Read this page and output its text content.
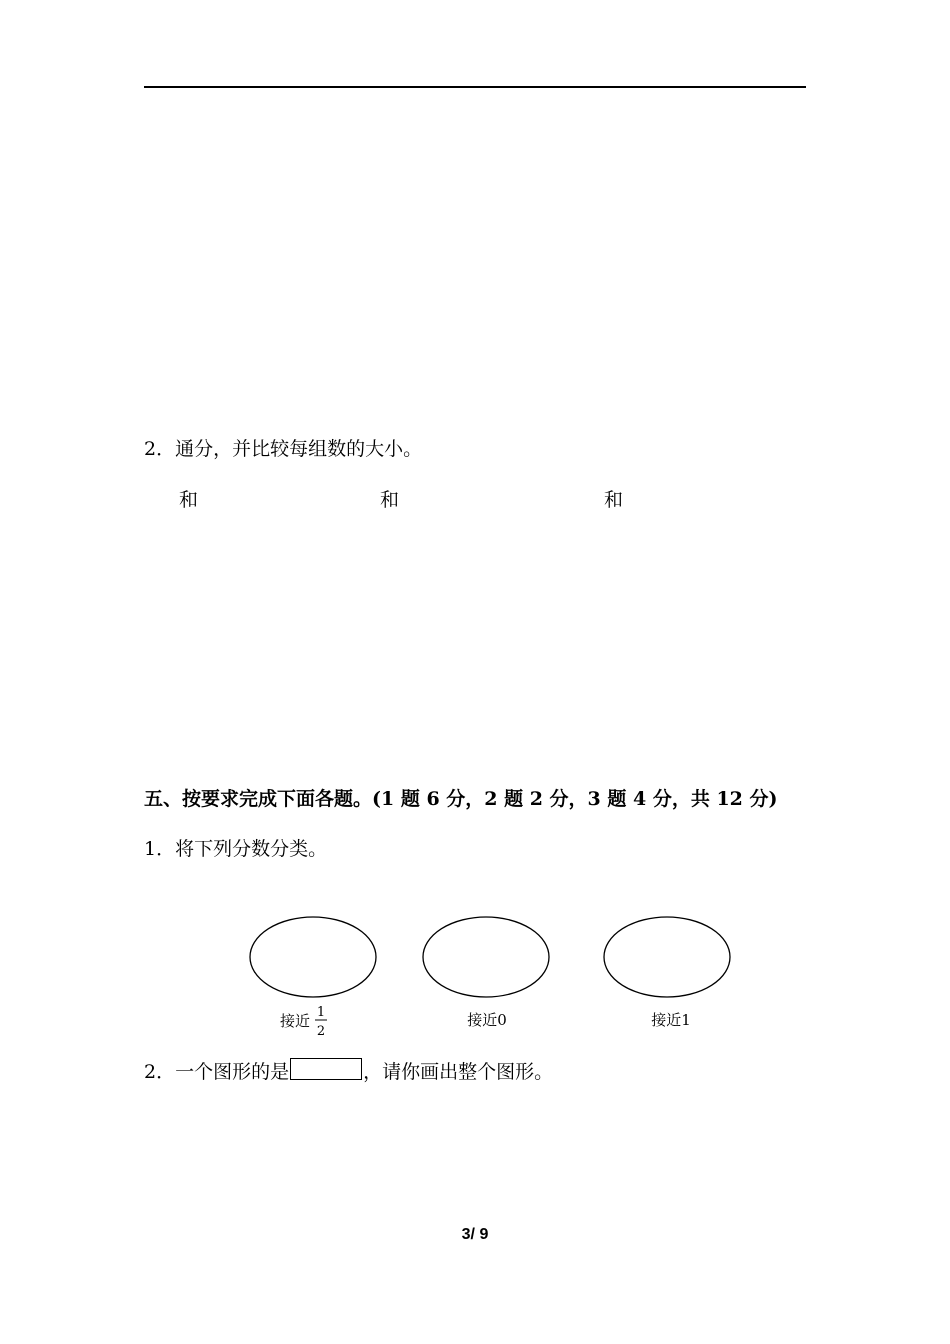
2．通分，并比较每组数的大小。
和	和	和
五、按要求完成下面各题。(1 题 6 分，2 题 2 分，3 题 4 分，共 12 分)
1．将下列分数分类。
接近 1
2
接近0	接近1
2．一个图形的是	，请你画出整个图形。
3/ 9
